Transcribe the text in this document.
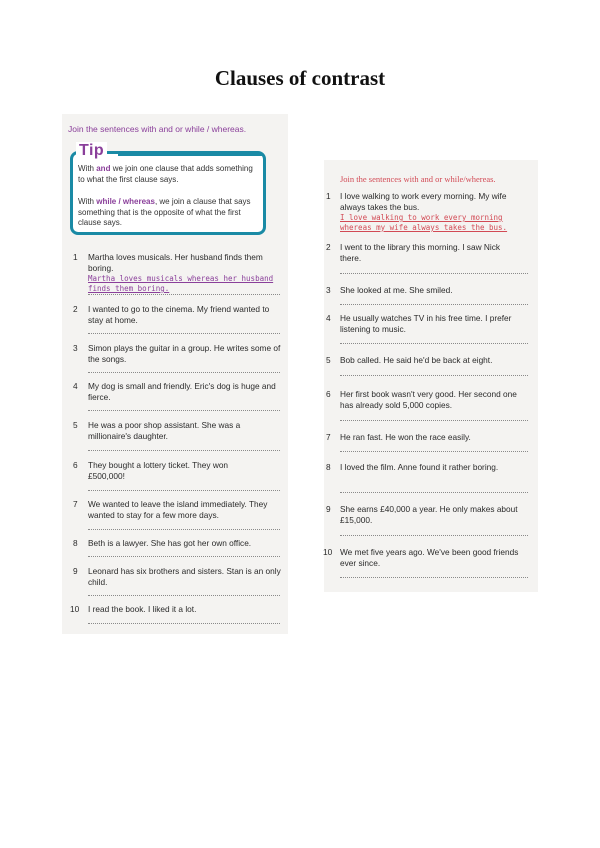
Clauses of contrast
Join the sentences with and or while / whereas.
Tip
With and we join one clause that adds something to what the first clause says.
With while / whereas, we join a clause that says something that is the opposite of what the first clause says.
1	Martha loves musicals. Her husband finds them boring.
Martha loves musicals whereas her husband finds them boring.
2	I wanted to go to the cinema. My friend wanted to stay at home.
3	Simon plays the guitar in a group. He writes some of the songs.
4	My dog is small and friendly. Eric's dog is huge and fierce.
5	He was a poor shop assistant. She was a millionaire's daughter.
6	They bought a lottery ticket. They won £500,000!
7	We wanted to leave the island immediately. They wanted to stay for a few more days.
8	Beth is a lawyer. She has got her own office.
9	Leonard has six brothers and sisters. Stan is an only child.
10	I read the book. I liked it a lot.
Join the sentences with and or while/whereas.
1	I love walking to work every morning. My wife always takes the bus.
I love walking to work every morning whereas my wife always takes the bus.
2	I went to the library this morning. I saw Nick there.
3	She looked at me. She smiled.
4	He usually watches TV in his free time. I prefer listening to music.
5	Bob called. He said he'd be back at eight.
6	Her first book wasn't very good. Her second one has already sold 5,000 copies.
7	He ran fast. He won the race easily.
8	I loved the film. Anne found it rather boring.
9	She earns £40,000 a year. He only makes about £15,000.
10 We met five years ago. We've been good friends ever since.
